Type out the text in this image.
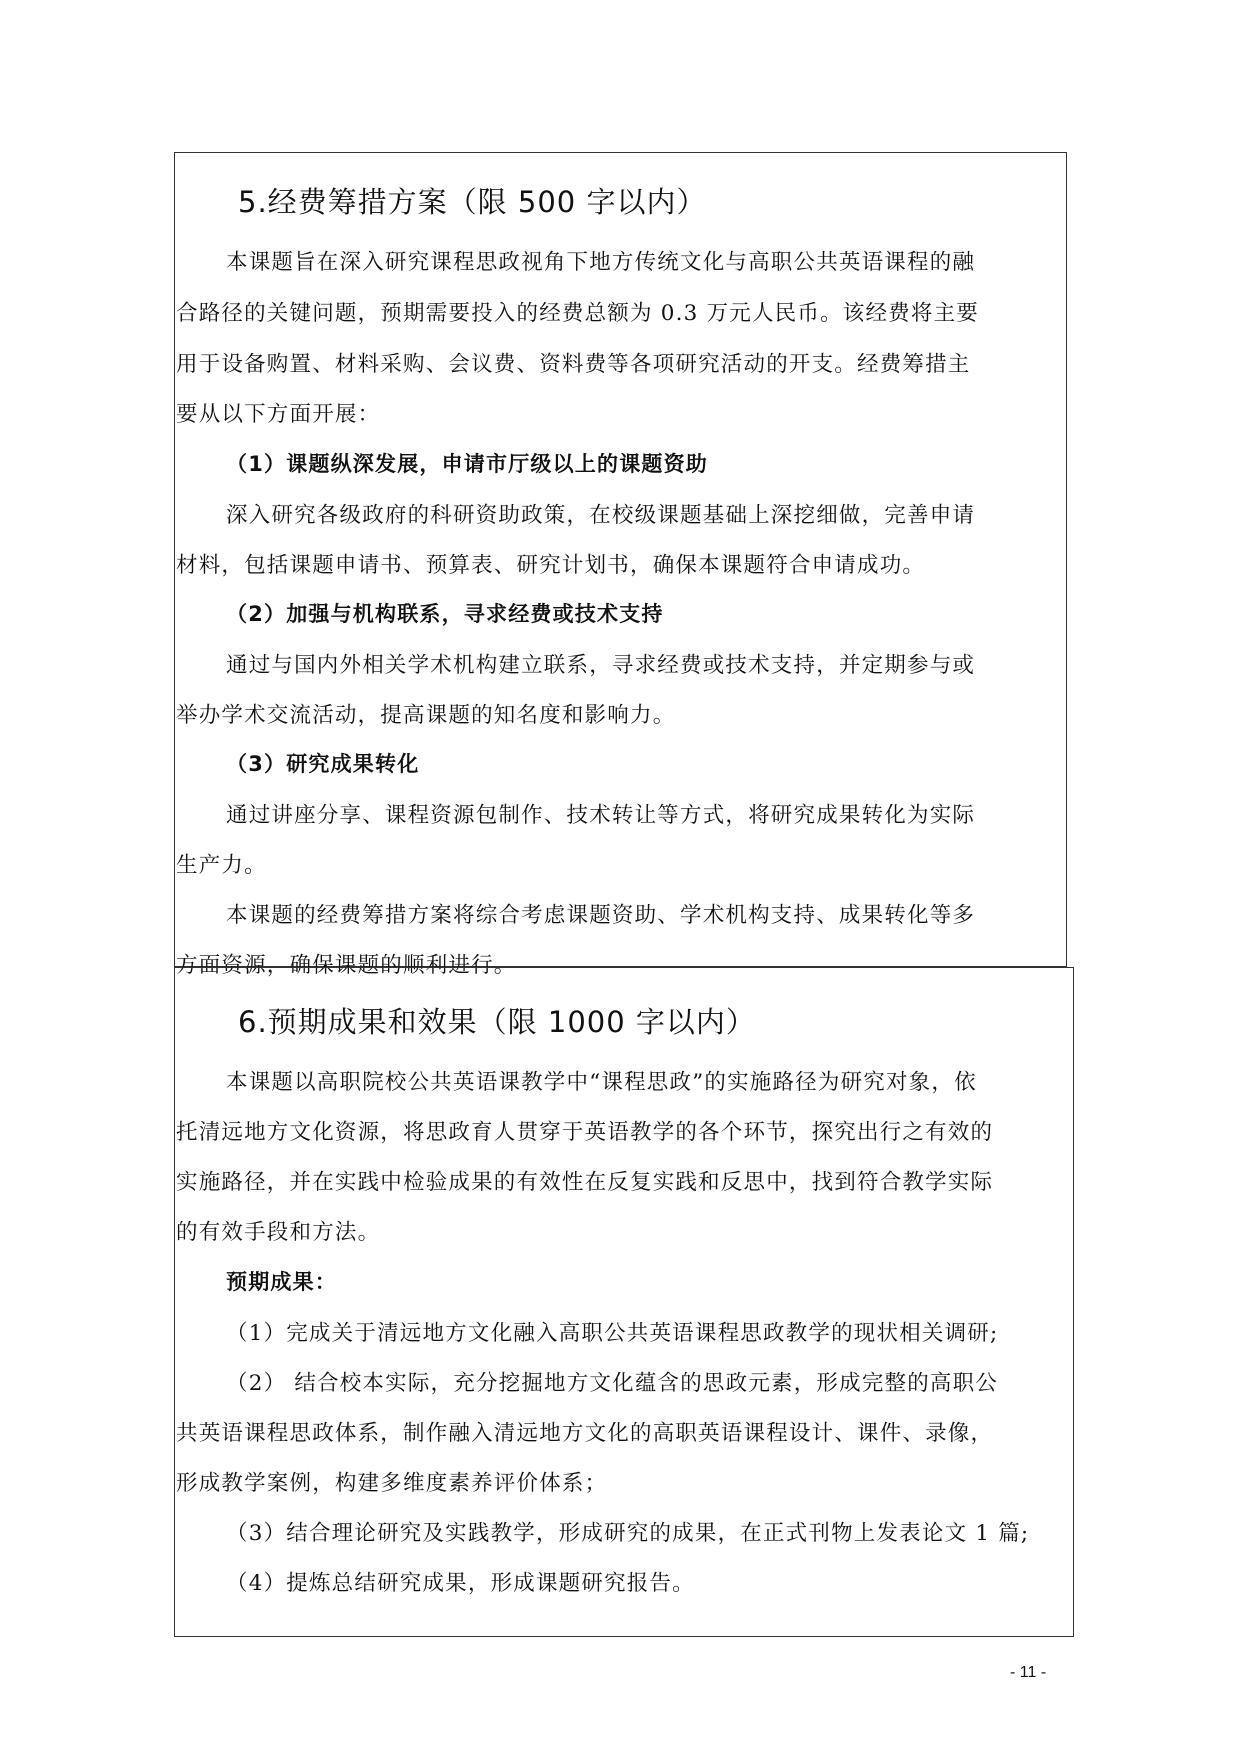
5.经费筹措方案（限 500 字以内）

本课题旨在深入研究课程思政视角下地方传统文化与高职公共英语课程的融

合路径的关键问题，预期需要投入的经费总额为 0.3 万元人民币。该经费将主要

用于设备购置、材料采购、会议费、资料费等各项研究活动的开支。经费筹措主

要从以下方面开展：

（1）课题纵深发展，申请市厅级以上的课题资助

深入研究各级政府的科研资助政策，在校级课题基础上深挖细做，完善申请

材料，包括课题申请书、预算表、研究计划书，确保本课题符合申请成功。

（2）加强与机构联系，寻求经费或技术支持

通过与国内外相关学术机构建立联系，寻求经费或技术支持，并定期参与或

举办学术交流活动，提高课题的知名度和影响力。

（3）研究成果转化

通过讲座分享、课程资源包制作、技术转让等方式，将研究成果转化为实际

生产力。

本课题的经费筹措方案将综合考虑课题资助、学术机构支持、成果转化等多

方面资源，确保课题的顺利进行。

6.预期成果和效果（限 1000 字以内）

本课题以高职院校公共英语课教学中“课程思政”的实施路径为研究对象，依

托清远地方文化资源，将思政育人贯穿于英语教学的各个环节，探究出行之有效的

实施路径，并在实践中检验成果的有效性在反复实践和反思中，找到符合教学实际

的有效手段和方法。

预期成果：

（1）完成关于清远地方文化融入高职公共英语课程思政教学的现状相关调研;

（2） 结合校本实际，充分挖掘地方文化蕴含的思政元素，形成完整的高职公

共英语课程思政体系，制作融入清远地方文化的高职英语课程设计、课件、录像，

形成教学案例，构建多维度素养评价体系；

（3）结合理论研究及实践教学，形成研究的成果，在正式刊物上发表论文 1 篇;

（4）提炼总结研究成果，形成课题研究报告。

- 11 -
